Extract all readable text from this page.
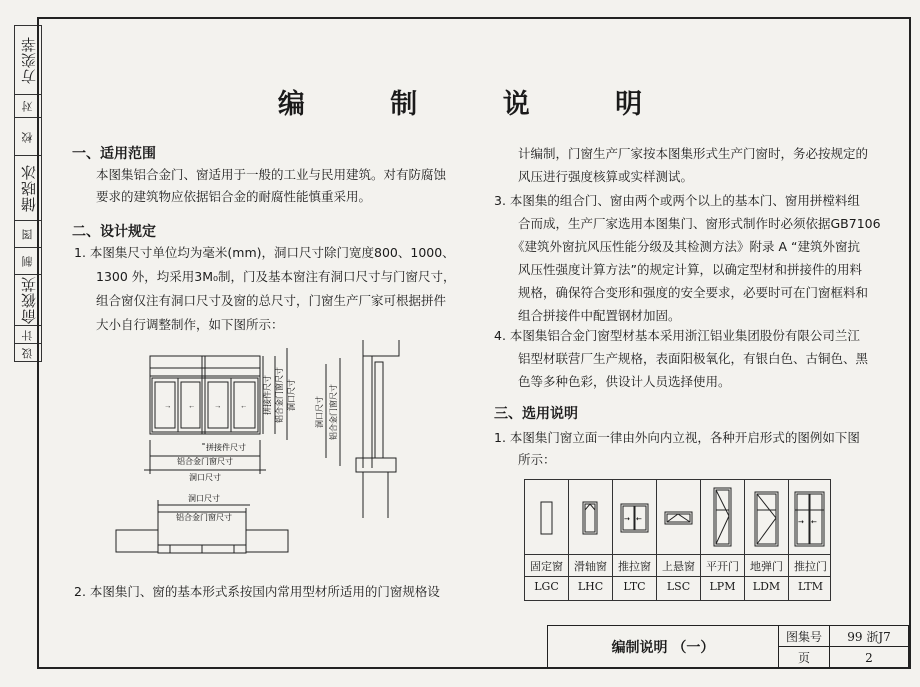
方奕莘
对
校
储晓冰
图
制
俞筱英
计
设
编 制 说 明
一、适用范围
本图集铝合金门、窗适用于一般的工业与民用建筑。对有防腐蚀
要求的建筑物应依据铝合金的耐腐性能慎重采用。
二、设计规定
1. 本图集尺寸单位均为毫米(mm)，洞口尺寸除门宽度800、1000、
1300 外，均采用3M₀制，门及基本窗注有洞口尺寸与门窗尺寸，
组合窗仅注有洞口尺寸及窗的总尺寸，门窗生产厂家可根据拼件
大小自行调整制作，如下图所示：
→ ← → ← 拼接件尺寸 铝合金门窗尺寸 洞口尺寸
洞口尺寸 铝合金门窗尺寸
拼接件尺寸
铝合金门窗尺寸
洞口尺寸
洞口尺寸
铝合金门窗尺寸
2. 本图集门、窗的基本形式系按国内常用型材所适用的门窗规格设
计编制，门窗生产厂家按本图集形式生产门窗时，务必按规定的
风压进行强度核算或实样测试。
3. 本图集的组合门、窗由两个或两个以上的基本门、窗用拼樘料组
合而成，生产厂家选用本图集门、窗形式制作时必须依据GB7106
《建筑外窗抗风压性能分级及其检测方法》附录 A “建筑外窗抗
风压性强度计算方法”的规定计算，以确定型材和拼接件的用料
规格，确保符合变形和强度的安全要求，必要时可在门窗框料和
组合拼接件中配置钢材加固。
4. 本图集铝合金门窗型材基本采用浙江铝业集团股份有限公司兰江
铝型材联营厂生产规格，表面阳极氧化，有银白色、古铜色、黑
色等多种色彩，供设计人员选择使用。
三、选用说明
1. 本图集门窗立面一律由外向内立视，各种开启形式的图例如下图
所示：
固定窗
LGC
滑轴窗
LHC
→ ←
推拉窗
LTC
上悬窗
LSC
平开门
LPM
地弹门
LDM
→ ←
推拉门
LTM
编制说明 （一）
图集号	99 浙J7
页	2
